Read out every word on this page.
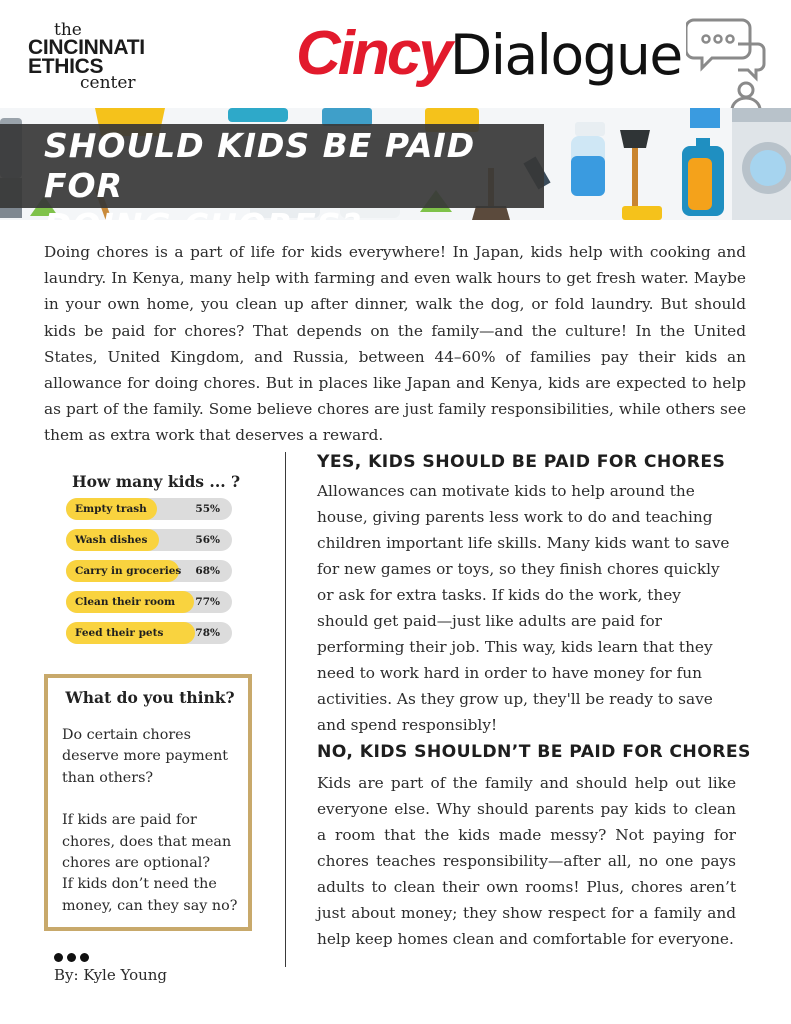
the
CINCINNATI
ETHICS
center	CincyDialogue
SHOULD KIDS BE PAID FOR
DOING CHORES?

Doing chores is a part of life for kids everywhere! In Japan, kids help with cooking and laundry. In Kenya, many help with farming and even walk hours to get fresh water. Maybe in your own home, you clean up after dinner, walk the dog, or fold laundry. But should kids be paid for chores? That depends on the family—and the culture! In the United States, United Kingdom, and Russia, between 44–60% of families pay their kids an allowance for doing chores. But in places like Japan and Kenya, kids are expected to help as part of the family. Some believe chores are just family responsibilities, while others see them as extra work that deserves a reward.

How many kids ... ?
Empty trash	55%
Wash dishes	56%
Carry in groceries 68%
Clean their room 77%
Feed their pets	78%
What do you think?

Do certain chores deserve more payment than others?

If kids are paid for chores, does that mean chores are optional?

If kids don’t need the money, can they say no?

By: Kyle Young
YES, KIDS SHOULD BE PAID FOR CHORES

Allowances can motivate kids to help around the house, giving parents less work to do and teaching children important life skills. Many kids want to save for new games or toys, so they finish chores quickly or ask for extra tasks. If kids do the work, they should get paid—just like adults are paid for performing their job. This way, kids learn that they need to work hard in order to have money for fun activities. As they grow up, they'll be ready to save and spend responsibly!

NO, KIDS SHOULDN’T BE PAID FOR CHORES

Kids are part of the family and should help out like everyone else. Why should parents pay kids to clean a room that the kids made messy? Not paying for chores teaches responsibility—after all, no one pays adults to clean their own rooms! Plus, chores aren’t just about money; they show respect for a family and help keep homes clean and comfortable for everyone.
